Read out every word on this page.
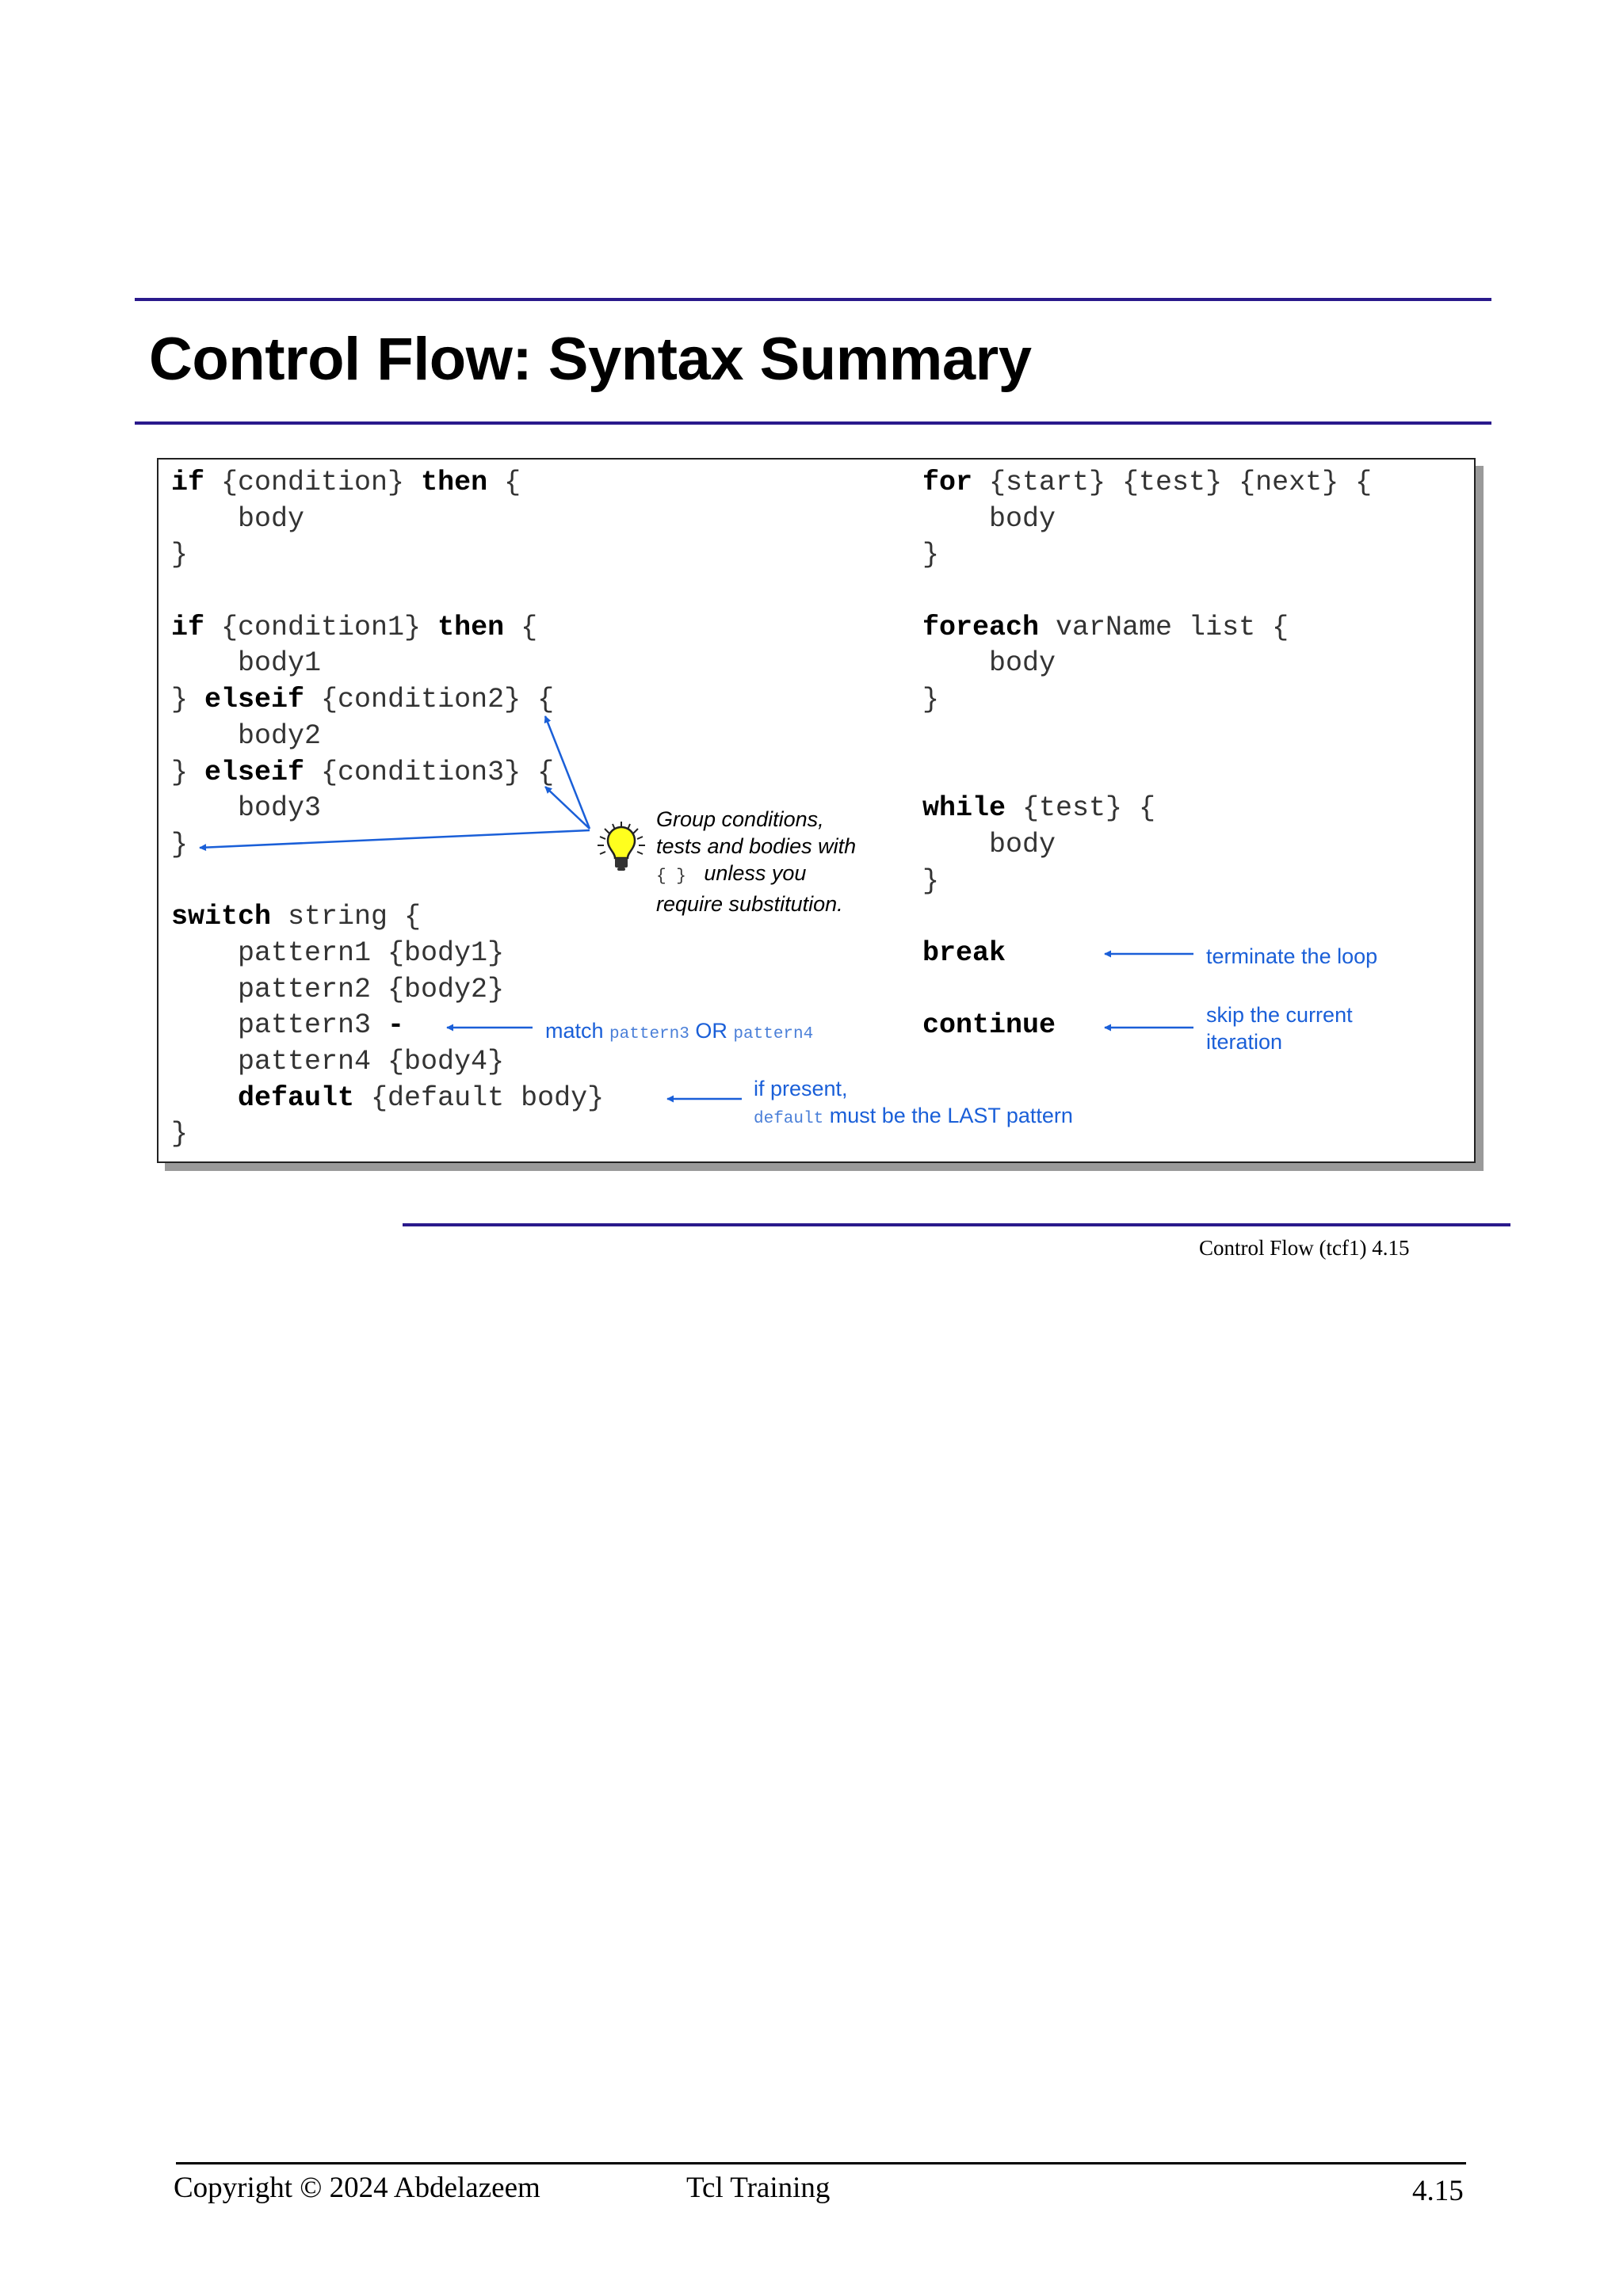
Control Flow: Syntax Summary
if {condition} then {
body
}
if {condition1} then {
body1
} elseif {condition2} {
body2
} elseif {condition3} {
body3
}
switch string {
pattern1 {body1}
pattern2 {body2}
pattern3 -
pattern4 {body4}
default {default body}
}
for {start} {test} {next} {
body
}
foreach varName list {
body
}
while {test} {
body
}
break
continue
Group conditions,
tests and bodies with
{ } unless you
require substitution.
match pattern3 OR pattern4
if present,
default must be the LAST pattern
terminate the loop
skip the current
iteration
Control Flow (tcf1) 4.15
Copyright © 2024 Abdelazeem	Tcl Training	4.15
